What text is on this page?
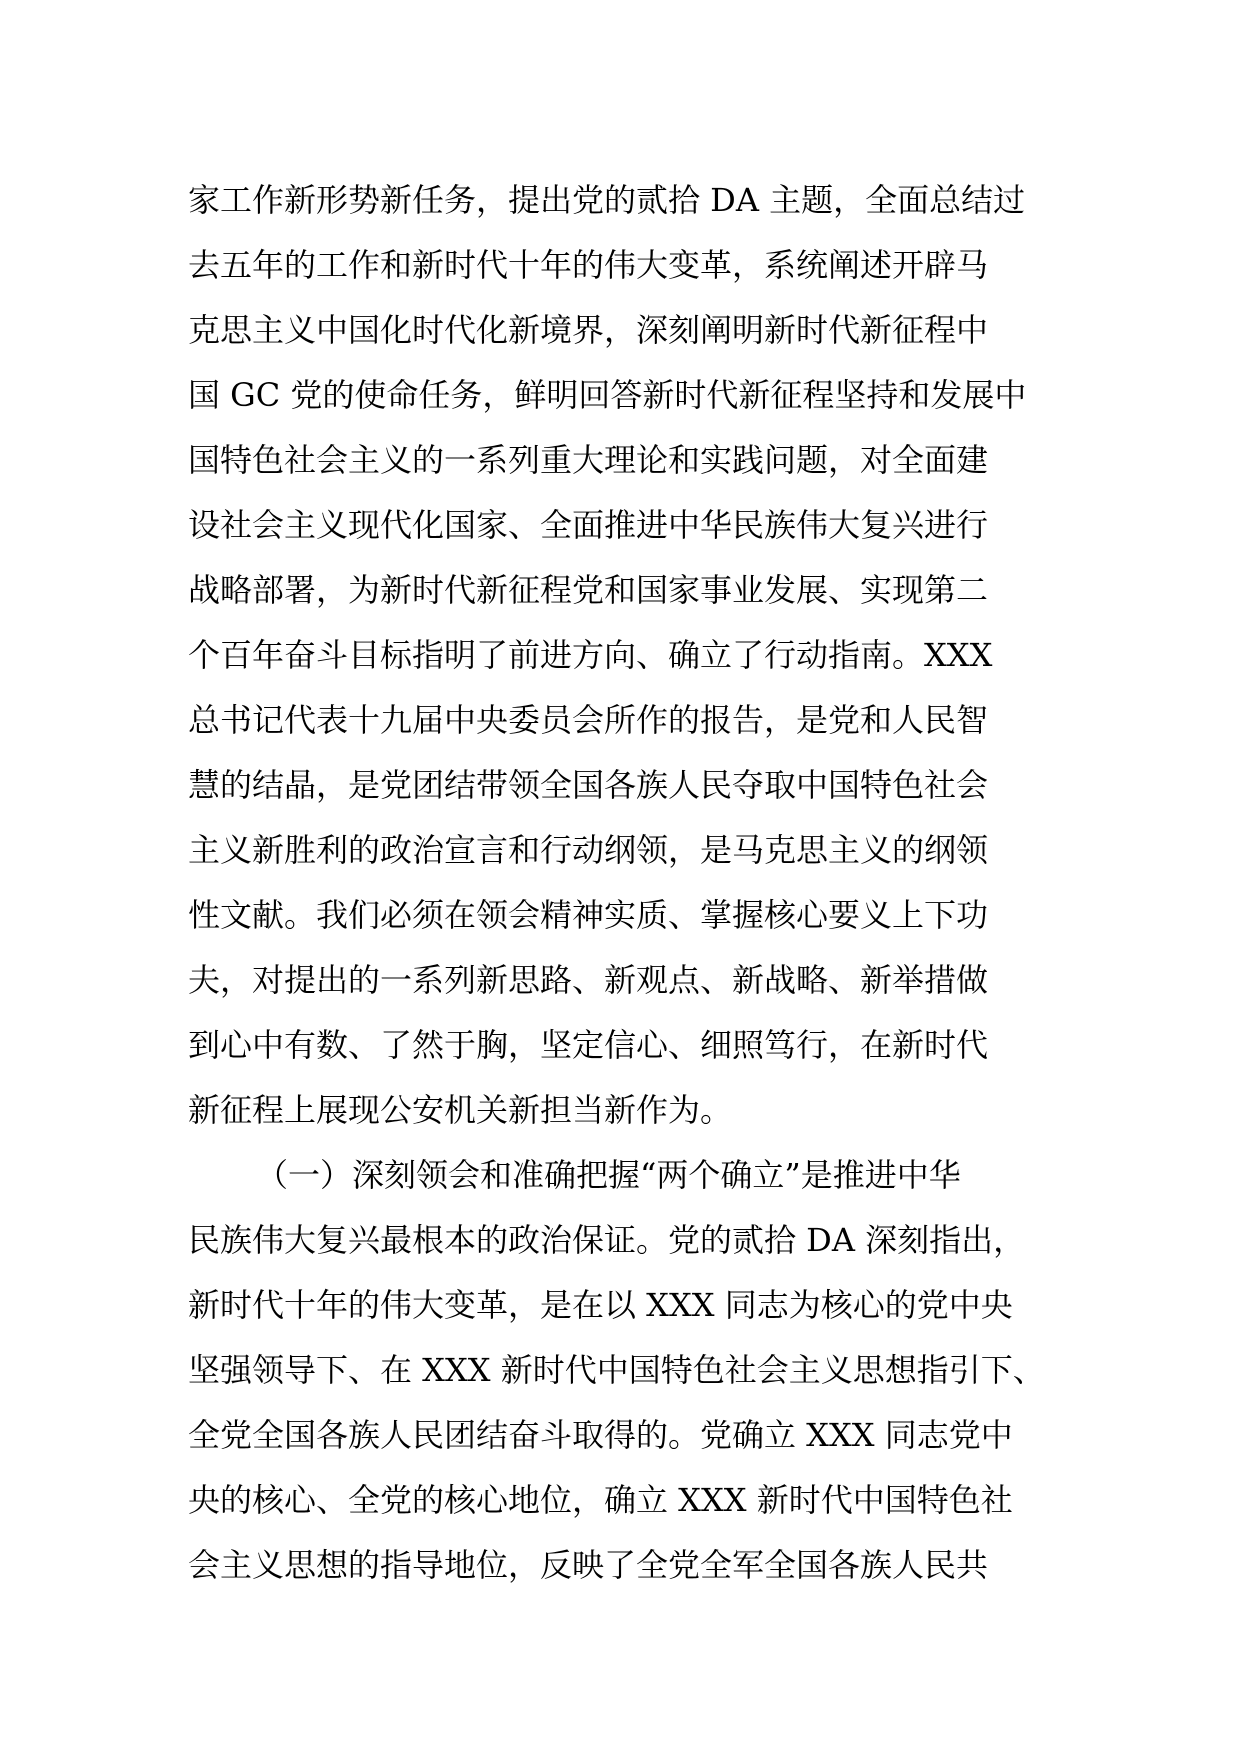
家工作新形势新任务，提出党的贰拾 DA 主题，全面总结过
去五年的工作和新时代十年的伟大变革，系统阐述开辟马
克思主义中国化时代化新境界，深刻阐明新时代新征程中
国 GC 党的使命任务，鲜明回答新时代新征程坚持和发展中
国特色社会主义的一系列重大理论和实践问题，对全面建
设社会主义现代化国家、全面推进中华民族伟大复兴进行
战略部署，为新时代新征程党和国家事业发展、实现第二
个百年奋斗目标指明了前进方向、确立了行动指南。XXX
总书记代表十九届中央委员会所作的报告，是党和人民智
慧的结晶，是党团结带领全国各族人民夺取中国特色社会
主义新胜利的政治宣言和行动纲领，是马克思主义的纲领
性文献。我们必须在领会精神实质、掌握核心要义上下功
夫，对提出的一系列新思路、新观点、新战略、新举措做
到心中有数、了然于胸，坚定信心、细照笃行，在新时代
新征程上展现公安机关新担当新作为。
（一）深刻领会和准确把握“两个确立”是推进中华
民族伟大复兴最根本的政治保证。党的贰拾 DA 深刻指出，
新时代十年的伟大变革，是在以 XXX 同志为核心的党中央
坚强领导下、在 XXX 新时代中国特色社会主义思想指引下、
全党全国各族人民团结奋斗取得的。党确立 XXX 同志党中
央的核心、全党的核心地位，确立 XXX 新时代中国特色社
会主义思想的指导地位，反映了全党全军全国各族人民共
